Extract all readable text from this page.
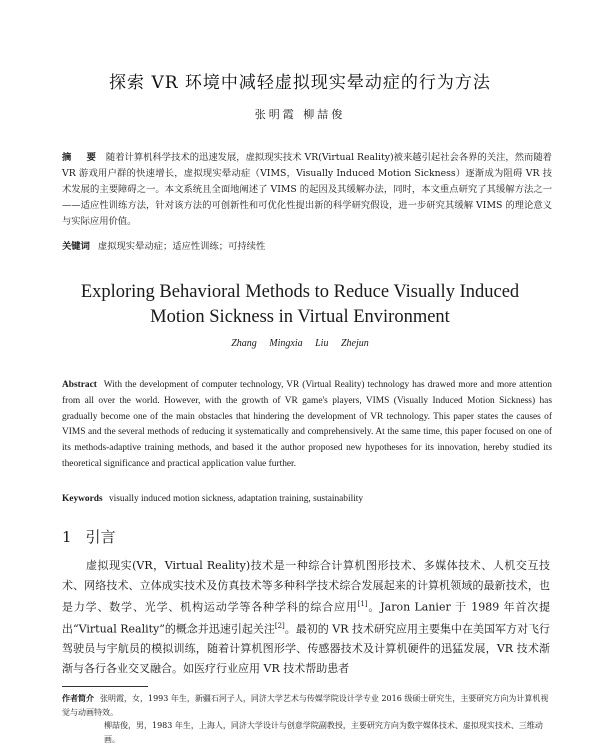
探索 VR 环境中减轻虚拟现实晕动症的行为方法
张明霞 柳喆俊
摘 要 随着计算机科学技术的迅速发展，虚拟现实技术 VR(Virtual Reality)被来越引起社会各界的关注，然而随着 VR 游戏用户群的快速增长，虚拟现实晕动症（VIMS，Visually Induced Motion Sickness）逐渐成为阻碍 VR 技术发展的主要障碍之一。本文系统且全面地阐述了 VIMS 的起因及其缓解办法，同时，本文重点研究了其缓解方法之一——适应性训练方法，针对该方法的可创新性和可优化性提出新的科学研究假设，进一步研究其缓解 VIMS 的理论意义与实际应用价值。
关键词 虚拟现实晕动症；适应性训练；可持续性
Exploring Behavioral Methods to Reduce Visually Induced
Motion Sickness in Virtual Environment
Zhang Mingxia Liu Zhejun
Abstract With the development of computer technology, VR (Virtual Reality) technology has drawed more and more attention from all over the world. However, with the growth of VR game's players, VIMS (Visually Induced Motion Sickness) has gradually become one of the main obstacles that hindering the development of VR technology. This paper states the causes of VIMS and the several methods of reducing it systematically and comprehensively. At the same time, this paper focused on one of its methods-adaptive training methods, and based it the author proposed new hypotheses for its innovation, hereby studied its theoretical significance and practical application value further.
Keywords visually induced motion sickness, adaptation training, sustainability
1 引言
虚拟现实(VR，Virtual Reality)技术是一种综合计算机图形技术、多媒体技术、人机交互技术、网络技术、立体成实技术及仿真技术等多种科学技术综合发展起来的计算机领域的最新技术，也是力学、数学、光学、机构运动学等各种学科的综合应用[1]。Jaron Lanier 于 1989 年首次提出“Virtual Reality”的概念并迅速引起关注[2]。最初的 VR 技术研究应用主要集中在美国军方对飞行驾驶员与宇航员的模拟训练，随着计算机图形学、传感器技术及计算机硬件的迅猛发展，VR 技术渐渐与各行各业交叉融合。如医疗行业应用 VR 技术帮助患者
作者简介 张明霞，女，1993 年生，新疆石河子人，同济大学艺术与传媒学院设计学专业 2016 级硕士研究生，主要研究方向为计算机视觉与动画特效。
柳喆俊，男，1983 年生，上海人，同济大学设计与创意学院副教授，主要研究方向为数字媒体技术、虚拟现实技术、三维动画。
